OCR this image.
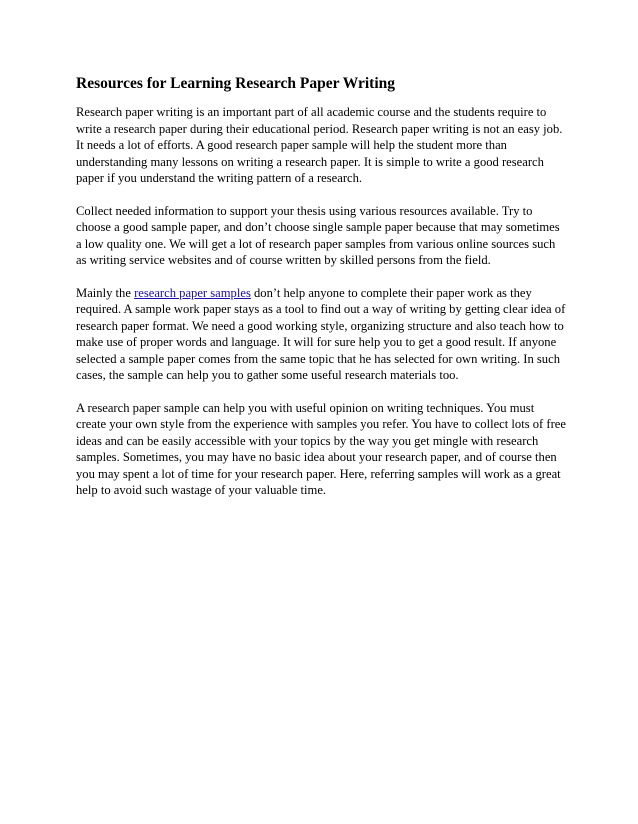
Resources for Learning Research Paper Writing

Research paper writing is an important part of all academic course and the students require to write a research paper during their educational period. Research paper writing is not an easy job. It needs a lot of efforts. A good research paper sample will help the student more than understanding many lessons on writing a research paper. It is simple to write a good research paper if you understand the writing pattern of a research.

Collect needed information to support your thesis using various resources available. Try to choose a good sample paper, and don’t choose single sample paper because that may sometimes a low quality one. We will get a lot of research paper samples from various online sources such as writing service websites and of course written by skilled persons from the field.

Mainly the research paper samples don’t help anyone to complete their paper work as they required. A sample work paper stays as a tool to find out a way of writing by getting clear idea of research paper format. We need a good working style, organizing structure and also teach how to make use of proper words and language. It will for sure help you to get a good result. If anyone selected a sample paper comes from the same topic that he has selected for own writing. In such cases, the sample can help you to gather some useful research materials too.

A research paper sample can help you with useful opinion on writing techniques. You must create your own style from the experience with samples you refer. You have to collect lots of free ideas and can be easily accessible with your topics by the way you get mingle with research samples. Sometimes, you may have no basic idea about your research paper, and of course then you may spent a lot of time for your research paper. Here, referring samples will work as a great help to avoid such wastage of your valuable time.
